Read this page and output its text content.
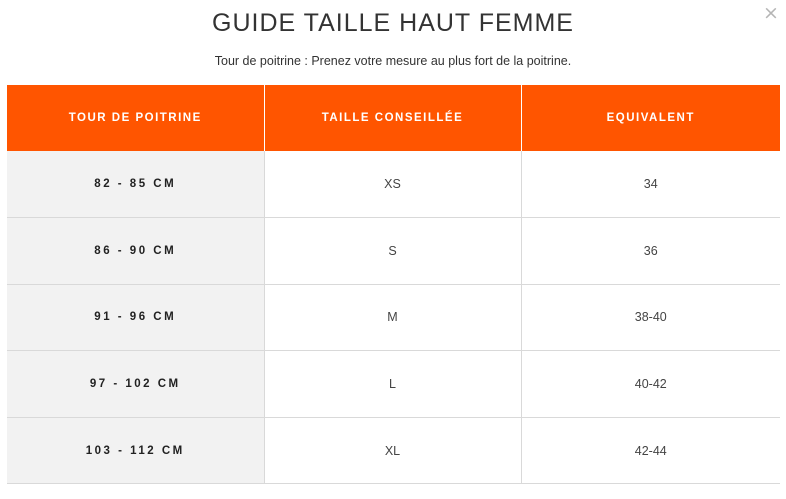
×
GUIDE TAILLE HAUT FEMME

Tour de poitrine : Prenez votre mesure au plus fort de la poitrine.

TOUR DE POITRINE	TAILLE CONSEILLÉE	EQUIVALENT
82 - 85 CM	XS	34
86 - 90 CM	S	36
91 - 96 CM	M	38-40
97 - 102 CM	L	40-42
103 - 112 CM	XL	42-44
